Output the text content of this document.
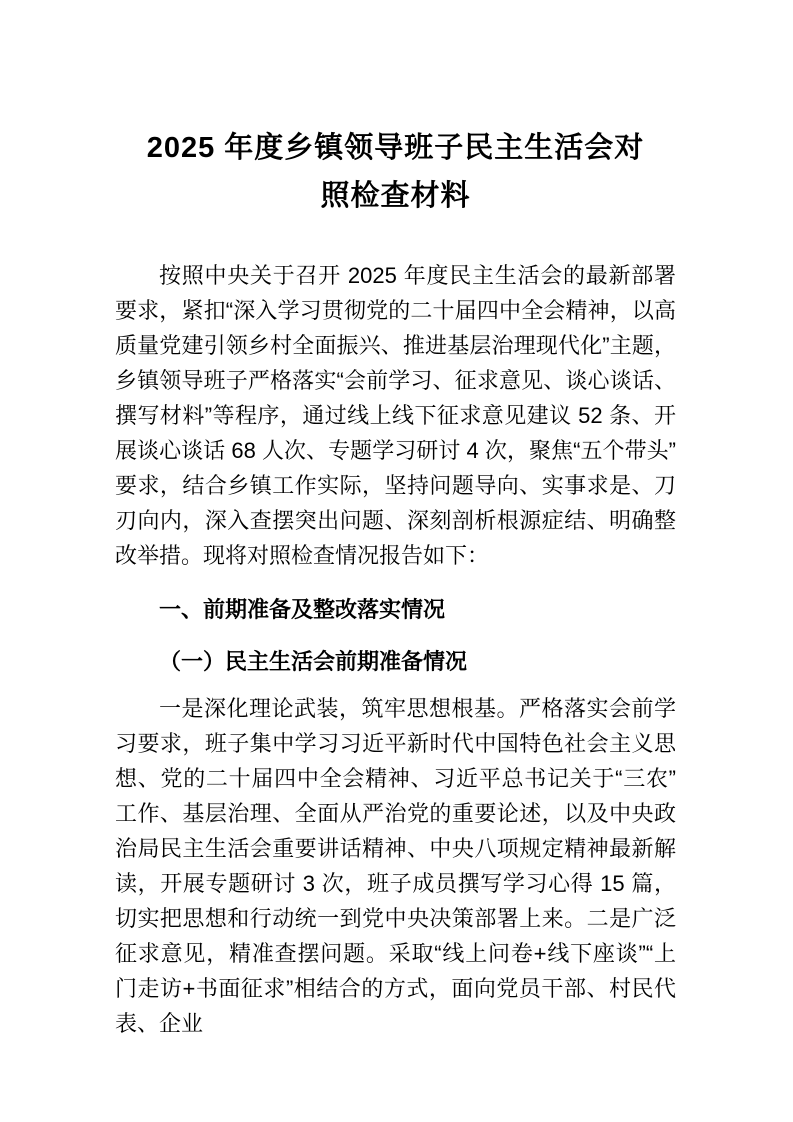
2025 年度乡镇领导班子民主生活会对
照检查材料

按照中央关于召开 2025 年度民主生活会的最新部署要求，紧扣“深入学习贯彻党的二十届四中全会精神，以高质量党建引领乡村全面振兴、推进基层治理现代化”主题，乡镇领导班子严格落实“会前学习、征求意见、谈心谈话、撰写材料”等程序，通过线上线下征求意见建议 52 条、开展谈心谈话 68 人次、专题学习研讨 4 次，聚焦“五个带头”要求，结合乡镇工作实际，坚持问题导向、实事求是、刀刃向内，深入查摆突出问题、深刻剖析根源症结、明确整改举措。现将对照检查情况报告如下：

一、前期准备及整改落实情况
（一）民主生活会前期准备情况

一是深化理论武装，筑牢思想根基。严格落实会前学习要求，班子集中学习习近平新时代中国特色社会主义思想、党的二十届四中全会精神、习近平总书记关于“三农”工作、基层治理、全面从严治党的重要论述，以及中央政治局民主生活会重要讲话精神、中央八项规定精神最新解读，开展专题研讨 3 次，班子成员撰写学习心得 15 篇，切实把思想和行动统一到党中央决策部署上来。二是广泛征求意见，精准查摆问题。采取“线上问卷+线下座谈”“上门走访+书面征求”相结合的方式，面向党员干部、村民代表、企业
